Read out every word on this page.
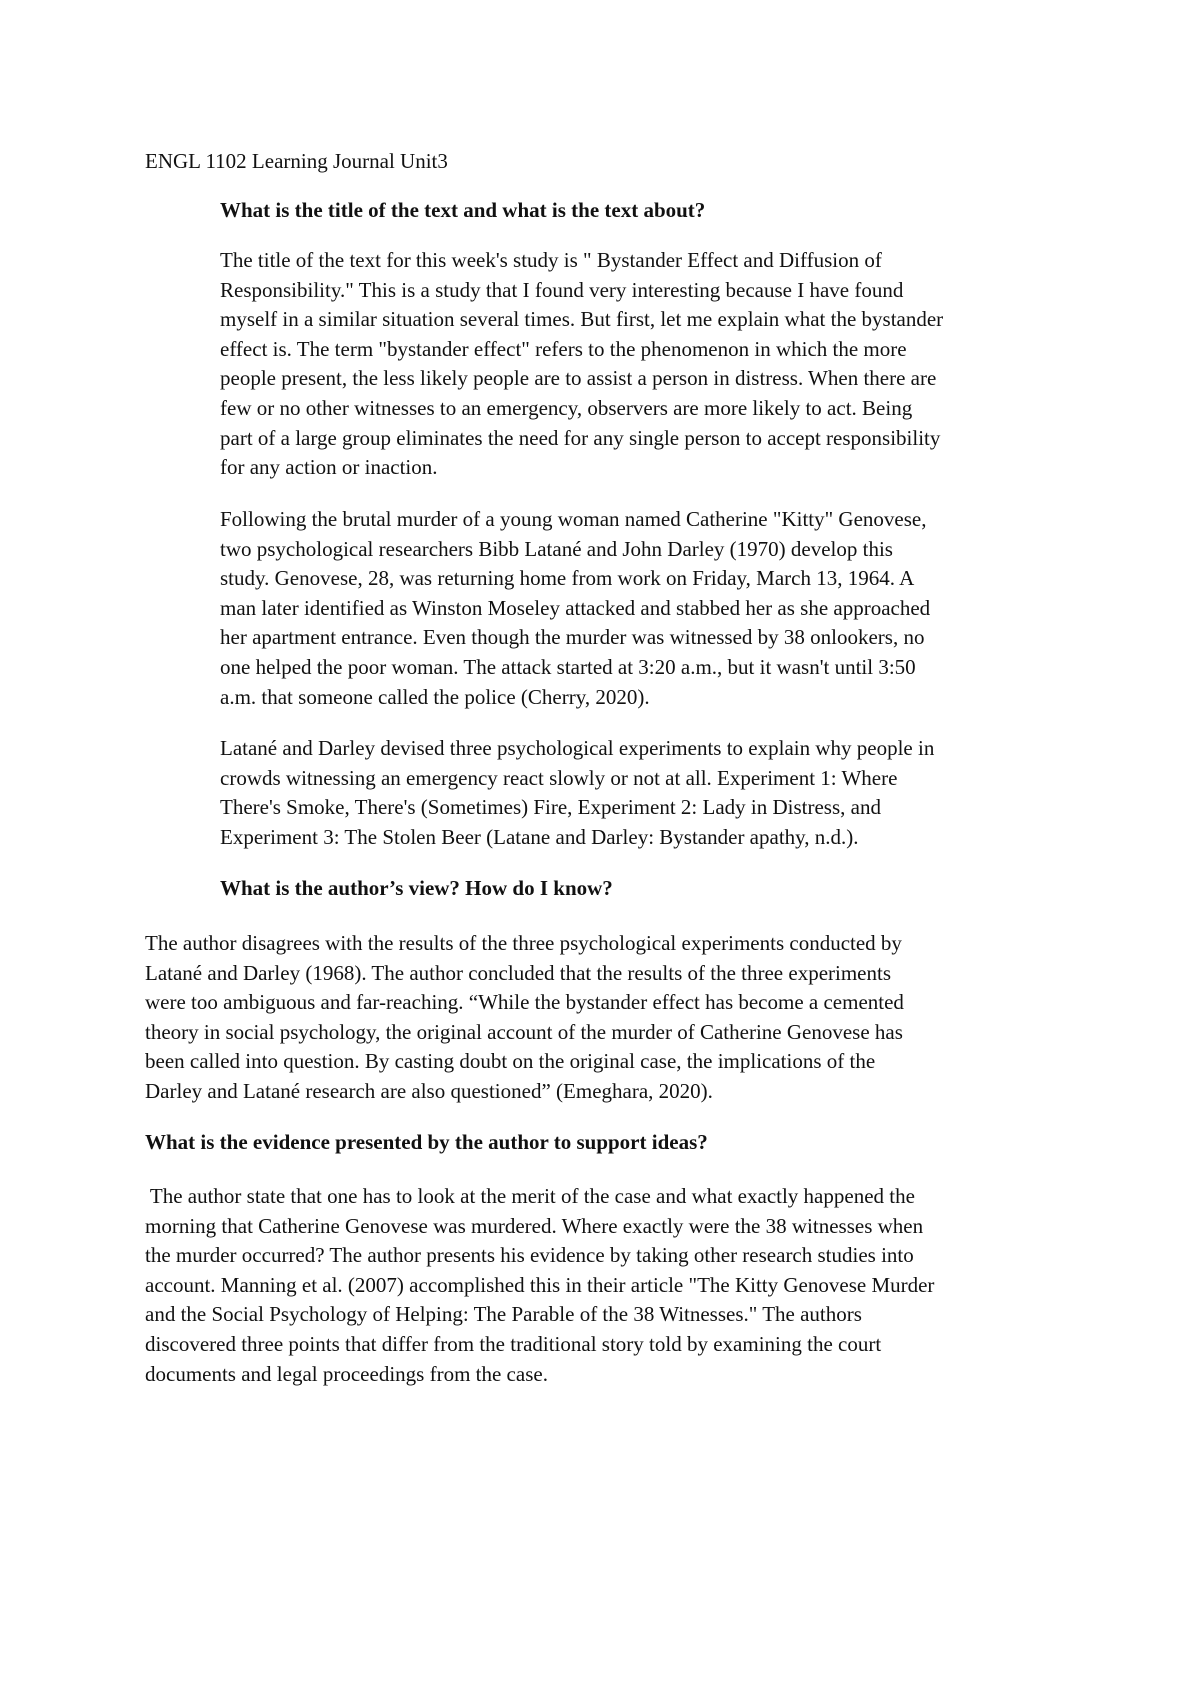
ENGL 1102 Learning Journal Unit3

What is the title of the text and what is the text about?

The title of the text for this week's study is " Bystander Effect and Diffusion of
Responsibility." This is a study that I found very interesting because I have found
myself in a similar situation several times. But first, let me explain what the bystander
effect is. The term "bystander effect" refers to the phenomenon in which the more
people present, the less likely people are to assist a person in distress. When there are
few or no other witnesses to an emergency, observers are more likely to act. Being
part of a large group eliminates the need for any single person to accept responsibility
for any action or inaction.
Following the brutal murder of a young woman named Catherine "Kitty" Genovese,
two psychological researchers Bibb Latané and John Darley (1970) develop this
study. Genovese, 28, was returning home from work on Friday, March 13, 1964. A
man later identified as Winston Moseley attacked and stabbed her as she approached
her apartment entrance. Even though the murder was witnessed by 38 onlookers, no
one helped the poor woman. The attack started at 3:20 a.m., but it wasn't until 3:50
a.m. that someone called the police (Cherry, 2020).
Latané and Darley devised three psychological experiments to explain why people in
crowds witnessing an emergency react slowly or not at all. Experiment 1: Where
There's Smoke, There's (Sometimes) Fire, Experiment 2: Lady in Distress, and
Experiment 3: The Stolen Beer (Latane and Darley: Bystander apathy, n.d.).

What is the author’s view? How do I know?

The author disagrees with the results of the three psychological experiments conducted by
Latané and Darley (1968). The author concluded that the results of the three experiments
were too ambiguous and far-reaching. “While the bystander effect has become a cemented
theory in social psychology, the original account of the murder of Catherine Genovese has
been called into question. By casting doubt on the original case, the implications of the
Darley and Latané research are also questioned” (Emeghara, 2020).

What is the evidence presented by the author to support ideas?

The author state that one has to look at the merit of the case and what exactly happened the
morning that Catherine Genovese was murdered. Where exactly were the 38 witnesses when
the murder occurred? The author presents his evidence by taking other research studies into
account. Manning et al. (2007) accomplished this in their article "The Kitty Genovese Murder
and the Social Psychology of Helping: The Parable of the 38 Witnesses." The authors
discovered three points that differ from the traditional story told by examining the court
documents and legal proceedings from the case.
